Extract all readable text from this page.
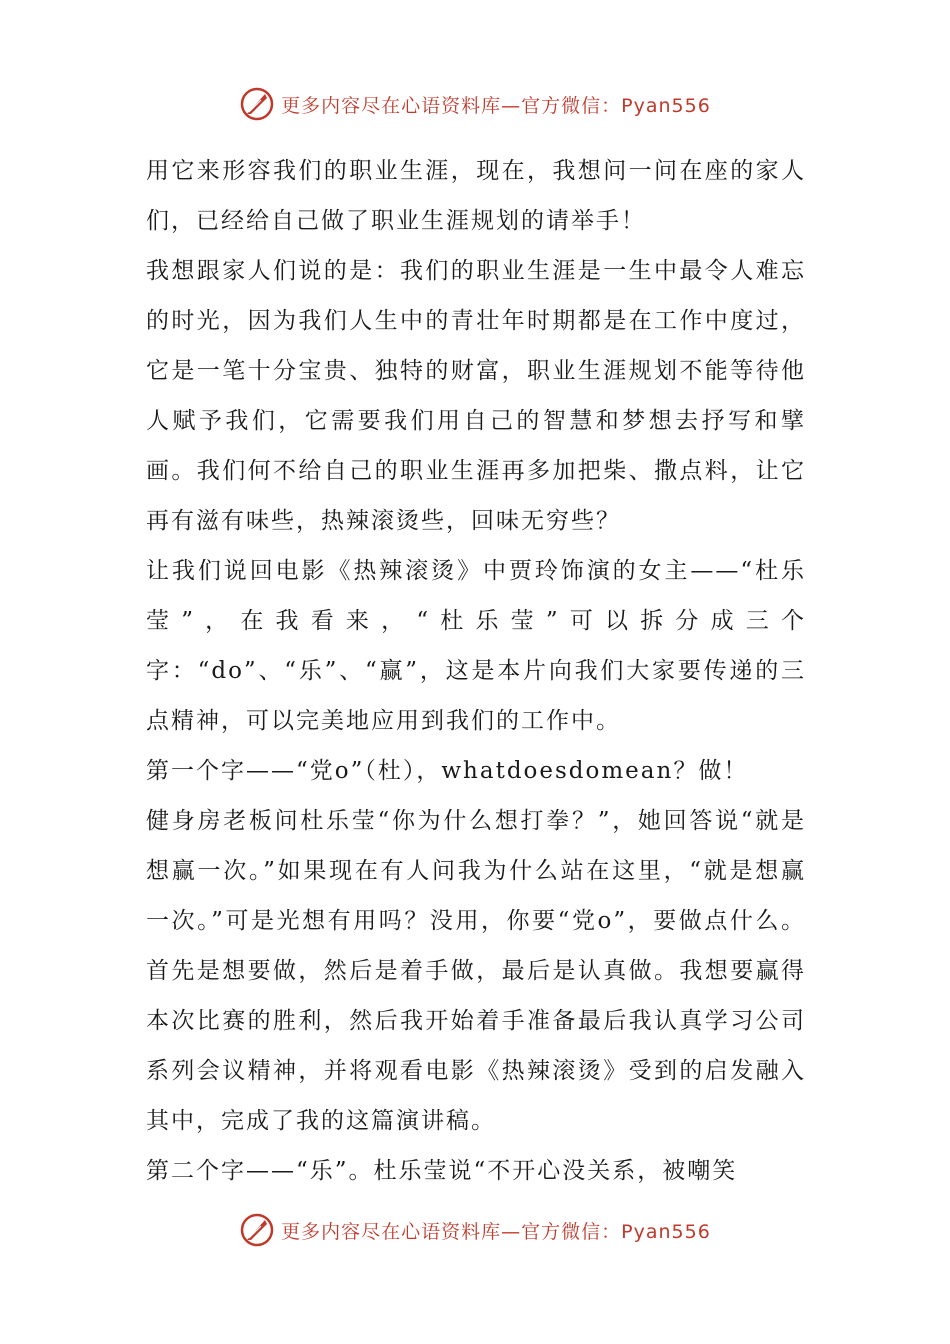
更多内容尽在心语资料库—官方微信：Pyan556

用它来形容我们的职业生涯，现在，我想问一问在座的家人们，已经给自己做了职业生涯规划的请举手！

我想跟家人们说的是：我们的职业生涯是一生中最令人难忘的时光，因为我们人生中的青壮年时期都是在工作中度过，它是一笔十分宝贵、独特的财富，职业生涯规划不能等待他人赋予我们，它需要我们用自己的智慧和梦想去抒写和擘画。我们何不给自己的职业生涯再多加把柴、撒点料，让它再有滋有味些，热辣滚烫些，回味无穷些？

让我们说回电影《热辣滚烫》中贾玲饰演的女主——“杜乐莹”，在我看来，“杜乐莹”可以拆分成三个字：“do”、“乐”、“赢”，这是本片向我们大家要传递的三点精神，可以完美地应用到我们的工作中。

第一个字——“党o”（杜），whatdoesdomean？做！

健身房老板问杜乐莹“你为什么想打拳？”，她回答说“就是想赢一次。”如果现在有人问我为什么站在这里，“就是想赢一次。”可是光想有用吗？没用，你要“党o”，要做点什么。首先是想要做，然后是着手做，最后是认真做。我想要赢得本次比赛的胜利，然后我开始着手准备最后我认真学习公司系列会议精神，并将观看电影《热辣滚烫》受到的启发融入其中，完成了我的这篇演讲稿。

第二个字——“乐”。杜乐莹说“不开心没关系，被嘲笑

更多内容尽在心语资料库—官方微信：Pyan556
